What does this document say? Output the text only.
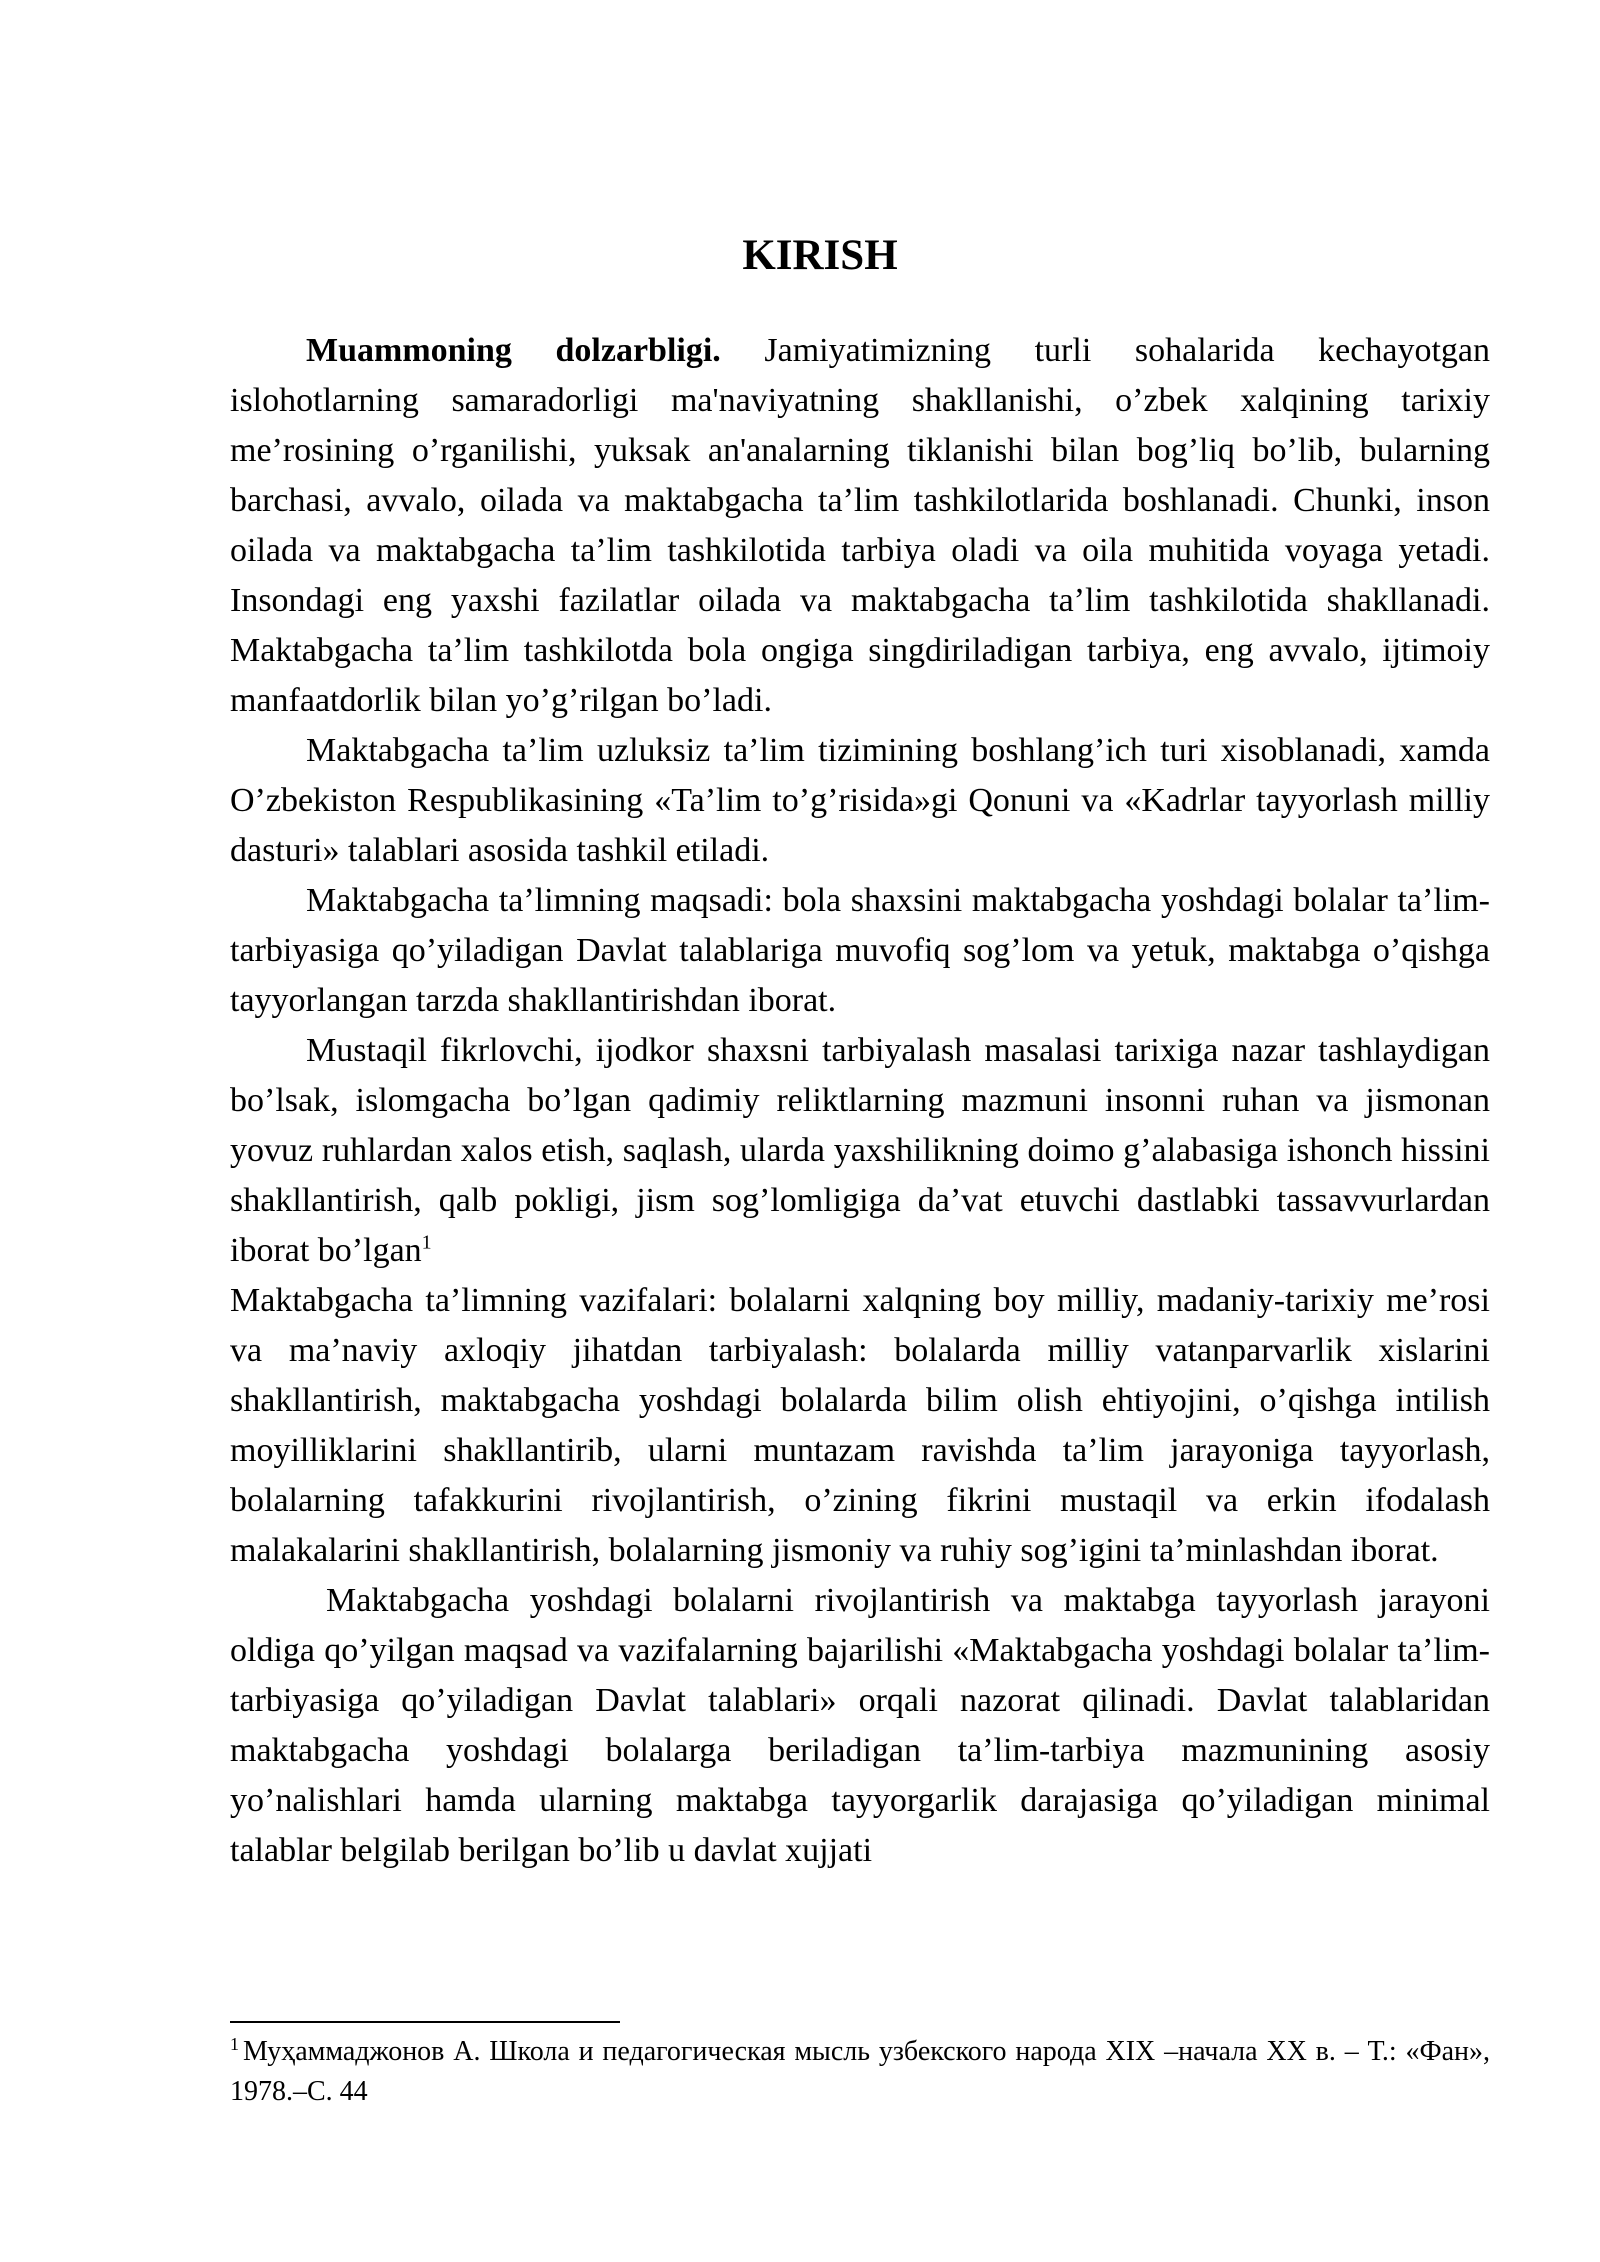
KIRISH

Muammoning dolzarbligi. Jamiyatimizning turli sohalarida kechayotgan islohotlarning samaradorligi ma'naviyatning shakllanishi, o’zbek xalqining tarixiy me’rosining o’rganilishi, yuksak an'analarning tiklanishi bilan bog’liq bo’lib, bularning barchasi, avvalo, oilada va maktabgacha ta’lim tashkilotlarida boshlanadi. Chunki, inson oilada va maktabgacha ta’lim tashkilotida tarbiya oladi va oila muhitida voyaga yetadi. Insondagi eng yaxshi fazilatlar oilada va maktabgacha ta’lim tashkilotida shakllanadi. Maktabgacha ta’lim tashkilotda bola ongiga singdiriladigan tarbiya, eng avvalo, ijtimoiy manfaatdorlik bilan yo’g’rilgan bo’ladi.

Maktabgacha ta’lim uzluksiz ta’lim tizimining boshlang’ich turi xisoblanadi, xamda O’zbekiston Respublikasining «Ta’lim to’g’risida»gi Qonuni va «Kadrlar tayyorlash milliy dasturi» talablari asosida tashkil etiladi.

Maktabgacha ta’limning maqsadi: bola shaxsini maktabgacha yoshdagi bolalar ta’lim-tarbiyasiga qo’yiladigan Davlat talablariga muvofiq sog’lom va yetuk, maktabga o’qishga tayyorlangan tarzda shakllantirishdan iborat.

Mustaqil fikrlovchi, ijodkor shaxsni tarbiyalash masalasi tarixiga nazar tashlaydigan bo’lsak, islomgacha bo’lgan qadimiy reliktlarning mazmuni insonni ruhan va jismonan yovuz ruhlardan xalos etish, saqlash, ularda yaxshilikning doimo g’alabasiga ishonch hissini shakllantirish, qalb pokligi, jism sog’lomligiga da’vat etuvchi dastlabki tassavvurlardan iborat bo’lgan$^1$

Maktabgacha ta’limning vazifalari: bolalarni xalqning boy milliy, madaniy-tarixiy me’rosi va ma’naviy axloqiy jihatdan tarbiyalash: bolalarda milliy vatanparvarlik xislarini shakllantirish, maktabgacha yoshdagi bolalarda bilim olish ehtiyojini, o’qishga intilish moyilliklarini shakllantirib, ularni muntazam ravishda ta’lim jarayoniga tayyorlash, bolalarning tafakkurini rivojlantirish, o’zining fikrini mustaqil va erkin ifodalash malakalarini shakllantirish, bolalarning jismoniy va ruhiy sog’igini ta’minlashdan iborat.

Maktabgacha yoshdagi bolalarni rivojlantirish va maktabga tayyorlash jarayoni oldiga qo’yilgan maqsad va vazifalarning bajarilishi «Maktabgacha yoshdagi bolalar ta’lim-tarbiyasiga qo’yiladigan Davlat talablari» orqali nazorat qilinadi. Davlat talablaridan maktabgacha yoshdagi bolalarga beriladigan ta’lim-tarbiya mazmunining asosiy yo’nalishlari hamda ularning maktabga tayyorgarlik darajasiga qo’yiladigan minimal talablar belgilab berilgan bo’lib u davlat xujjati

$^1$ Муҳаммаджонов А. Школа и педагогическая мысль узбекского народа XIX –начала XX в. – Т.: «Фан», 1978.–С. 44
